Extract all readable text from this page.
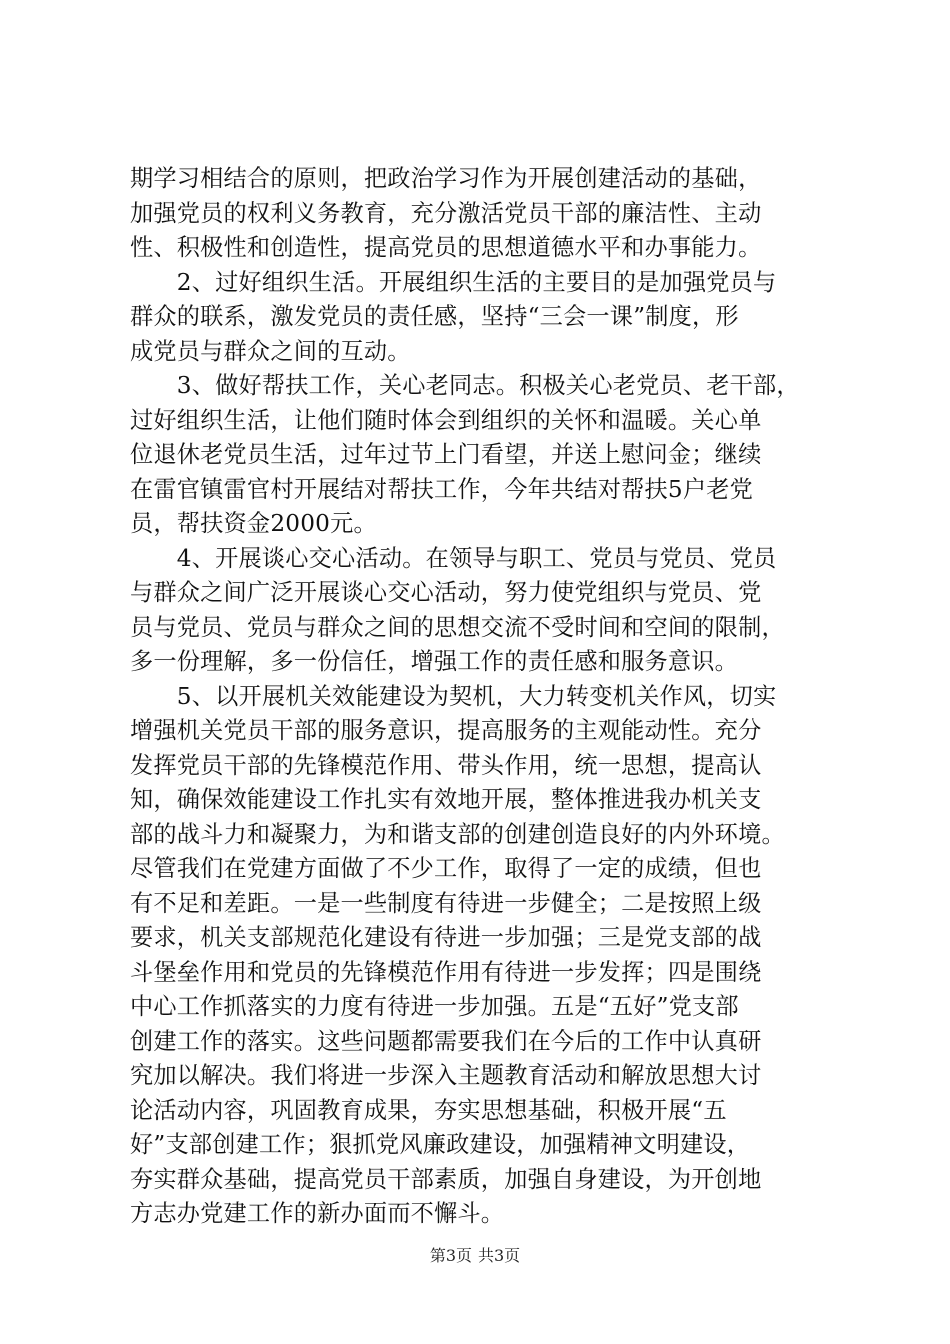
期学习相结合的原则，把政治学习作为开展创建活动的基础，
加强党员的权利义务教育，充分激活党员干部的廉洁性、主动
性、积极性和创造性，提高党员的思想道德水平和办事能力。
　　2、过好组织生活。开展组织生活的主要目的是加强党员与
群众的联系，激发党员的责任感，坚持“三会一课”制度，形
成党员与群众之间的互动。
　　3、做好帮扶工作，关心老同志。积极关心老党员、老干部，
过好组织生活，让他们随时体会到组织的关怀和温暖。关心单
位退休老党员生活，过年过节上门看望，并送上慰问金；继续
在雷官镇雷官村开展结对帮扶工作，今年共结对帮扶5户老党
员，帮扶资金2000元。
　　4、开展谈心交心活动。在领导与职工、党员与党员、党员
与群众之间广泛开展谈心交心活动，努力使党组织与党员、党
员与党员、党员与群众之间的思想交流不受时间和空间的限制，
多一份理解，多一份信任，增强工作的责任感和服务意识。
　　5、以开展机关效能建设为契机，大力转变机关作风，切实
增强机关党员干部的服务意识，提高服务的主观能动性。充分
发挥党员干部的先锋模范作用、带头作用，统一思想，提高认
知，确保效能建设工作扎实有效地开展，整体推进我办机关支
部的战斗力和凝聚力，为和谐支部的创建创造良好的内外环境。
尽管我们在党建方面做了不少工作，取得了一定的成绩，但也
有不足和差距。一是一些制度有待进一步健全；二是按照上级
要求，机关支部规范化建设有待进一步加强；三是党支部的战
斗堡垒作用和党员的先锋模范作用有待进一步发挥；四是围绕
中心工作抓落实的力度有待进一步加强。五是“五好”党支部
创建工作的落实。这些问题都需要我们在今后的工作中认真研
究加以解决。我们将进一步深入主题教育活动和解放思想大讨
论活动内容，巩固教育成果，夯实思想基础，积极开展“五
好”支部创建工作；狠抓党风廉政建设，加强精神文明建设，
夯实群众基础，提高党员干部素质，加强自身建设，为开创地
方志办党建工作的新办面而不懈斗。
第3页 共3页
